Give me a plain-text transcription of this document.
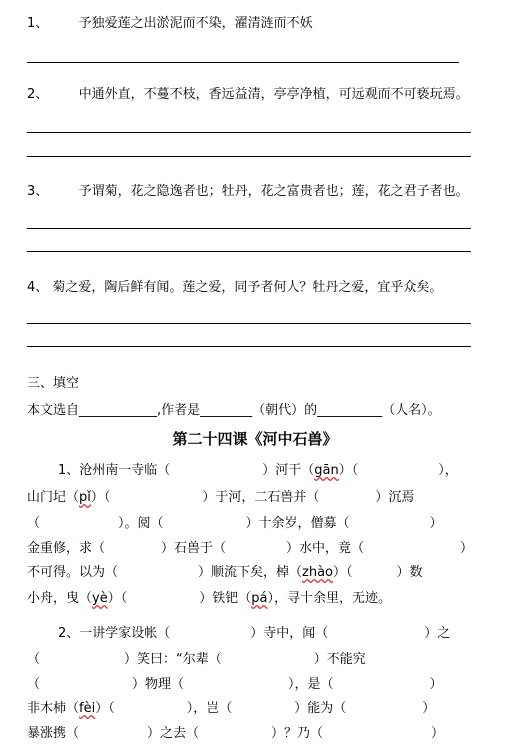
1、 予独爱莲之出淤泥而不染，濯清涟而不妖
2、 中通外直，不蔓不枝，香远益清，亭亭净植，可远观而不可亵玩焉。
3、 予谓菊，花之隐逸者也；牡丹，花之富贵者也；莲，花之君子者也。
4、 菊之爱，陶后鲜有闻。莲之爱，同予者何人？牡丹之爱，宜乎众矣。
三、填空
本文选自____________,作者是________（朝代）的__________（人名）。
第二十四课《河中石兽》
1、沧州南一寺临（	）河干（gān）（	），
山门圮（pǐ）（	）于河，二石兽并（	）沉焉
（	）。阅（	）十余岁，僧募（	）
金重修，求（	）石兽于（	）水中，竟（	）
不可得。以为（	）顺流下矣，棹（zhào）（	）数
小舟，曳（yè）（	）铁钯（pá），寻十余里，无迹。
2、一讲学家设帐（	）寺中，闻（	）之
（	）笑曰：“尔辈（	）不能究
（	）物理（	），是（	）
非木杮（fèi）（	），岂（	）能为（	）
暴涨携（	）之去（	）？乃（	）
